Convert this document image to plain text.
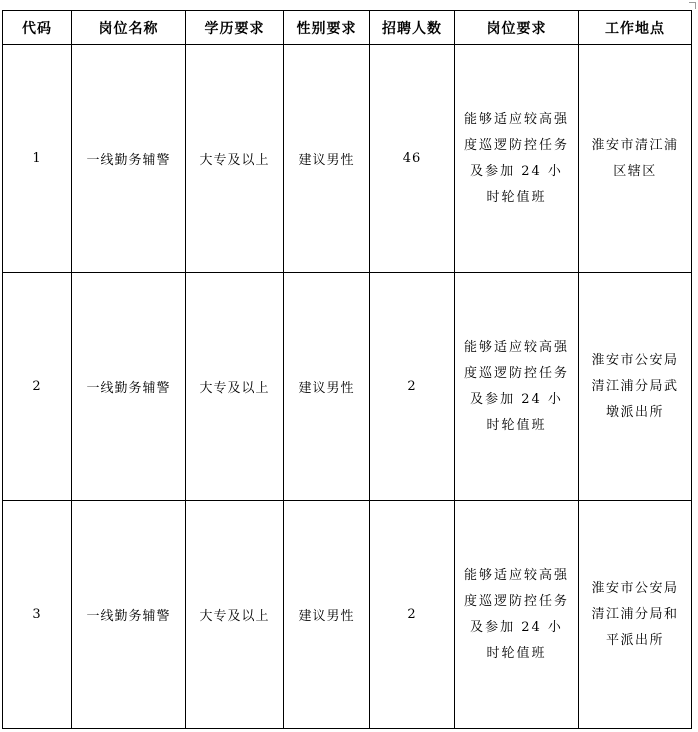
代码	岗位名称	学历要求	性别要求	招聘人数	岗位要求	工作地点
1	一线勤务辅警	大专及以上	建议男性	46	能够适应较高强度巡逻防控任务及参加 24 小时轮值班	淮安市清江浦区辖区

2	一线勤务辅警	大专及以上	建议男性	2	能够适应较高强度巡逻防控任务及参加 24 小时轮值班	淮安市公安局清江浦分局武墩派出所

3	一线勤务辅警	大专及以上	建议男性	2	能够适应较高强度巡逻防控任务及参加 24 小时轮值班	淮安市公安局清江浦分局和平派出所
